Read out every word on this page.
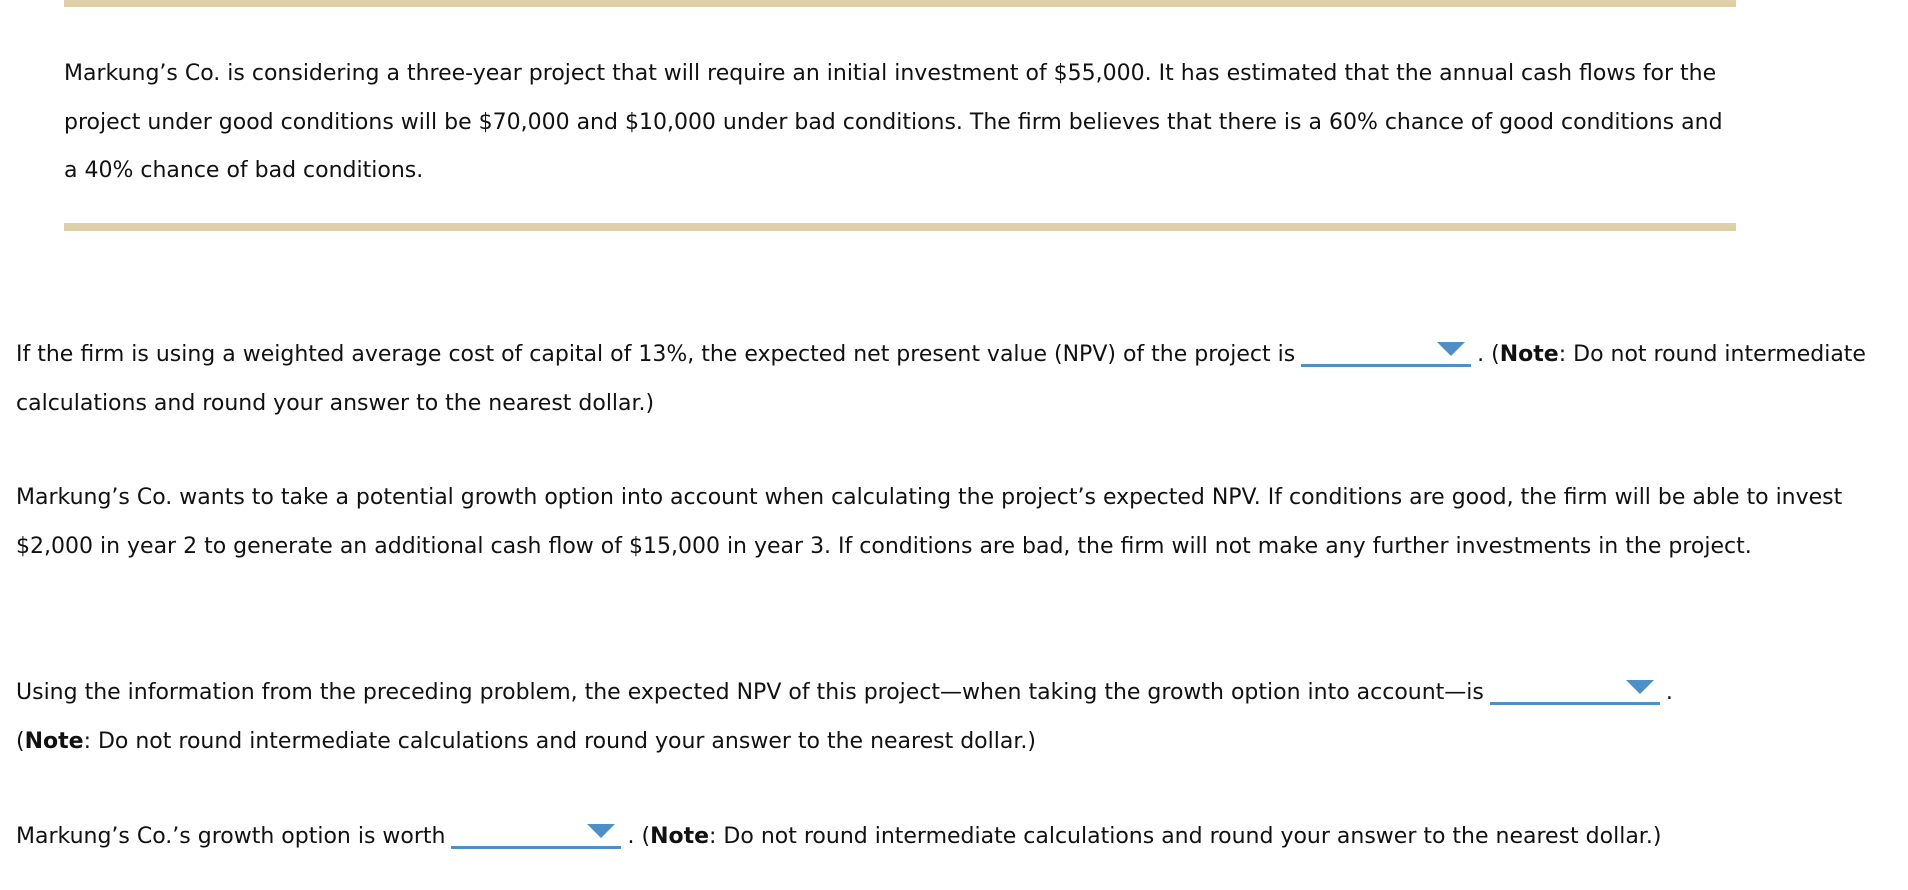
Markung’s Co. is considering a three-year project that will require an initial investment of $55,000. It has estimated that the annual cash flows for the project under good conditions will be $70,000 and $10,000 under bad conditions. The firm believes that there is a 60% chance of good conditions and a 40% chance of bad conditions.

If the firm is using a weighted average cost of capital of 13%, the expected net present value (NPV) of the project is	. (Note: Do not round intermediate calculations and round your answer to the nearest dollar.)

Markung’s Co. wants to take a potential growth option into account when calculating the project’s expected NPV. If conditions are good, the firm will be able to invest $2,000 in year 2 to generate an additional cash flow of $15,000 in year 3. If conditions are bad, the firm will not make any further investments in the project.

Using the information from the preceding problem, the expected NPV of this project—when taking the growth option into account—is	.
(Note: Do not round intermediate calculations and round your answer to the nearest dollar.)

Markung’s Co.’s growth option is worth	. (Note: Do not round intermediate calculations and round your answer to the nearest dollar.)
